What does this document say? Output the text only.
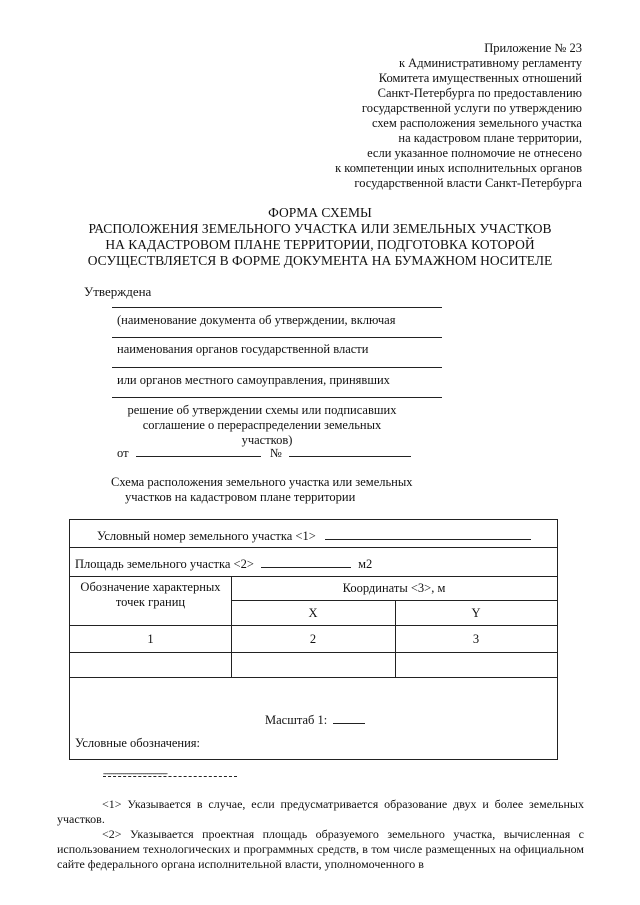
Приложение № 23
к Административному регламенту
Комитета имущественных отношений
Санкт-Петербурга по предоставлению
государственной услуги по утверждению
схем расположения земельного участка
на кадастровом плане территории,
если указанное полномочие не отнесено
к компетенции иных исполнительных органов
государственной власти Санкт-Петербурга
ФОРМА СХЕМЫ
РАСПОЛОЖЕНИЯ ЗЕМЕЛЬНОГО УЧАСТКА ИЛИ ЗЕМЕЛЬНЫХ УЧАСТКОВ
НА КАДАСТРОВОМ ПЛАНЕ ТЕРРИТОРИИ, ПОДГОТОВКА КОТОРОЙ
ОСУЩЕСТВЛЯЕТСЯ В ФОРМЕ ДОКУМЕНТА НА БУМАЖНОМ НОСИТЕЛЕ
Утверждена
(наименование документа об утверждении, включая
наименования органов государственной власти
или органов местного самоуправления, принявших
решение об утверждении схемы или подписавших
соглашение о перераспределении земельных
участков)
от	№
Схема расположения земельного участка или земельных
участков на кадастровом плане территории
Условный номер земельного участка <1>
Площадь земельного участка <2>	м2
Обозначение характерных точек границ
Координаты <3>, м
X	Y
1	2	3
Масштаб 1:
Условные обозначения:
--------------------------------

<1> Указывается в случае, если предусматривается образование двух и более земельных участков.

<2> Указывается проектная площадь образуемого земельного участка, вычисленная с использованием технологических и программных средств, в том числе размещенных на официальном сайте федерального органа исполнительной власти, уполномоченного в
